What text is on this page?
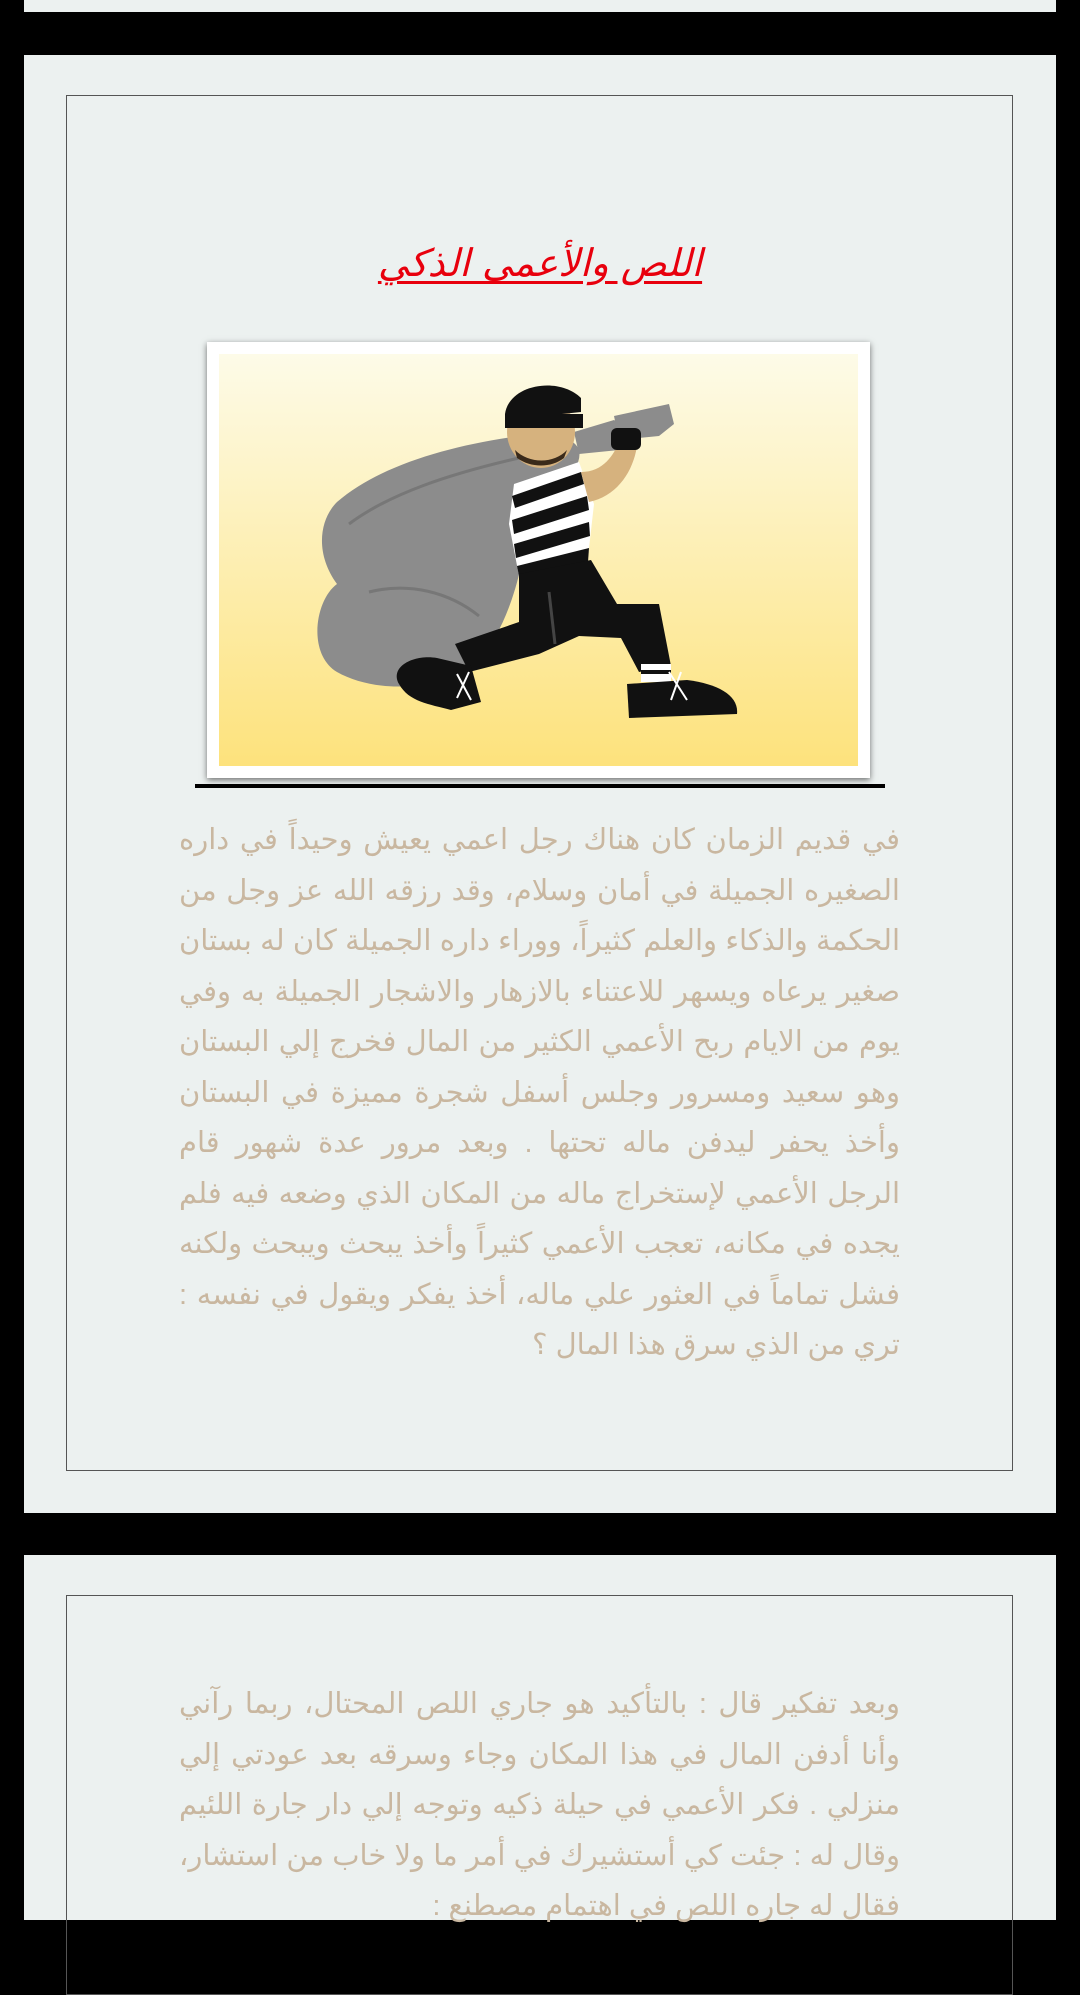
اللص والأعمى الذكي
في قديم الزمان كان هناك رجل اعمي يعيش وحيداً في داره الصغيره الجميلة في أمان وسلام، وقد رزقه الله عز وجل من الحكمة والذكاء والعلم كثيراً، ووراء داره الجميلة كان له بستان صغير يرعاه ويسهر للاعتناء بالازهار والاشجار الجميلة به وفي يوم من الايام ربح الأعمي الكثير من المال فخرج إلي البستان وهو سعيد ومسرور وجلس أسفل شجرة مميزة في البستان وأخذ يحفر ليدفن ماله تحتها . وبعد مرور عدة شهور قام الرجل الأعمي لإستخراج ماله من المكان الذي وضعه فيه فلم يجده في مكانه، تعجب الأعمي كثيراً وأخذ يبحث ويبحث ولكنه فشل تماماً في العثور علي ماله، أخذ يفكر ويقول في نفسه : تري من الذي سرق هذا المال ؟
وبعد تفكير قال : بالتأكيد هو جاري اللص المحتال، ربما رآني وأنا أدفن المال في هذا المكان وجاء وسرقه بعد عودتي إلي منزلي . فكر الأعمي في حيلة ذكيه وتوجه إلي دار جارة اللئيم وقال له : جئت كي أستشيرك في أمر ما ولا خاب من استشار، فقال له جاره اللص في اهتمام مصطنع :
